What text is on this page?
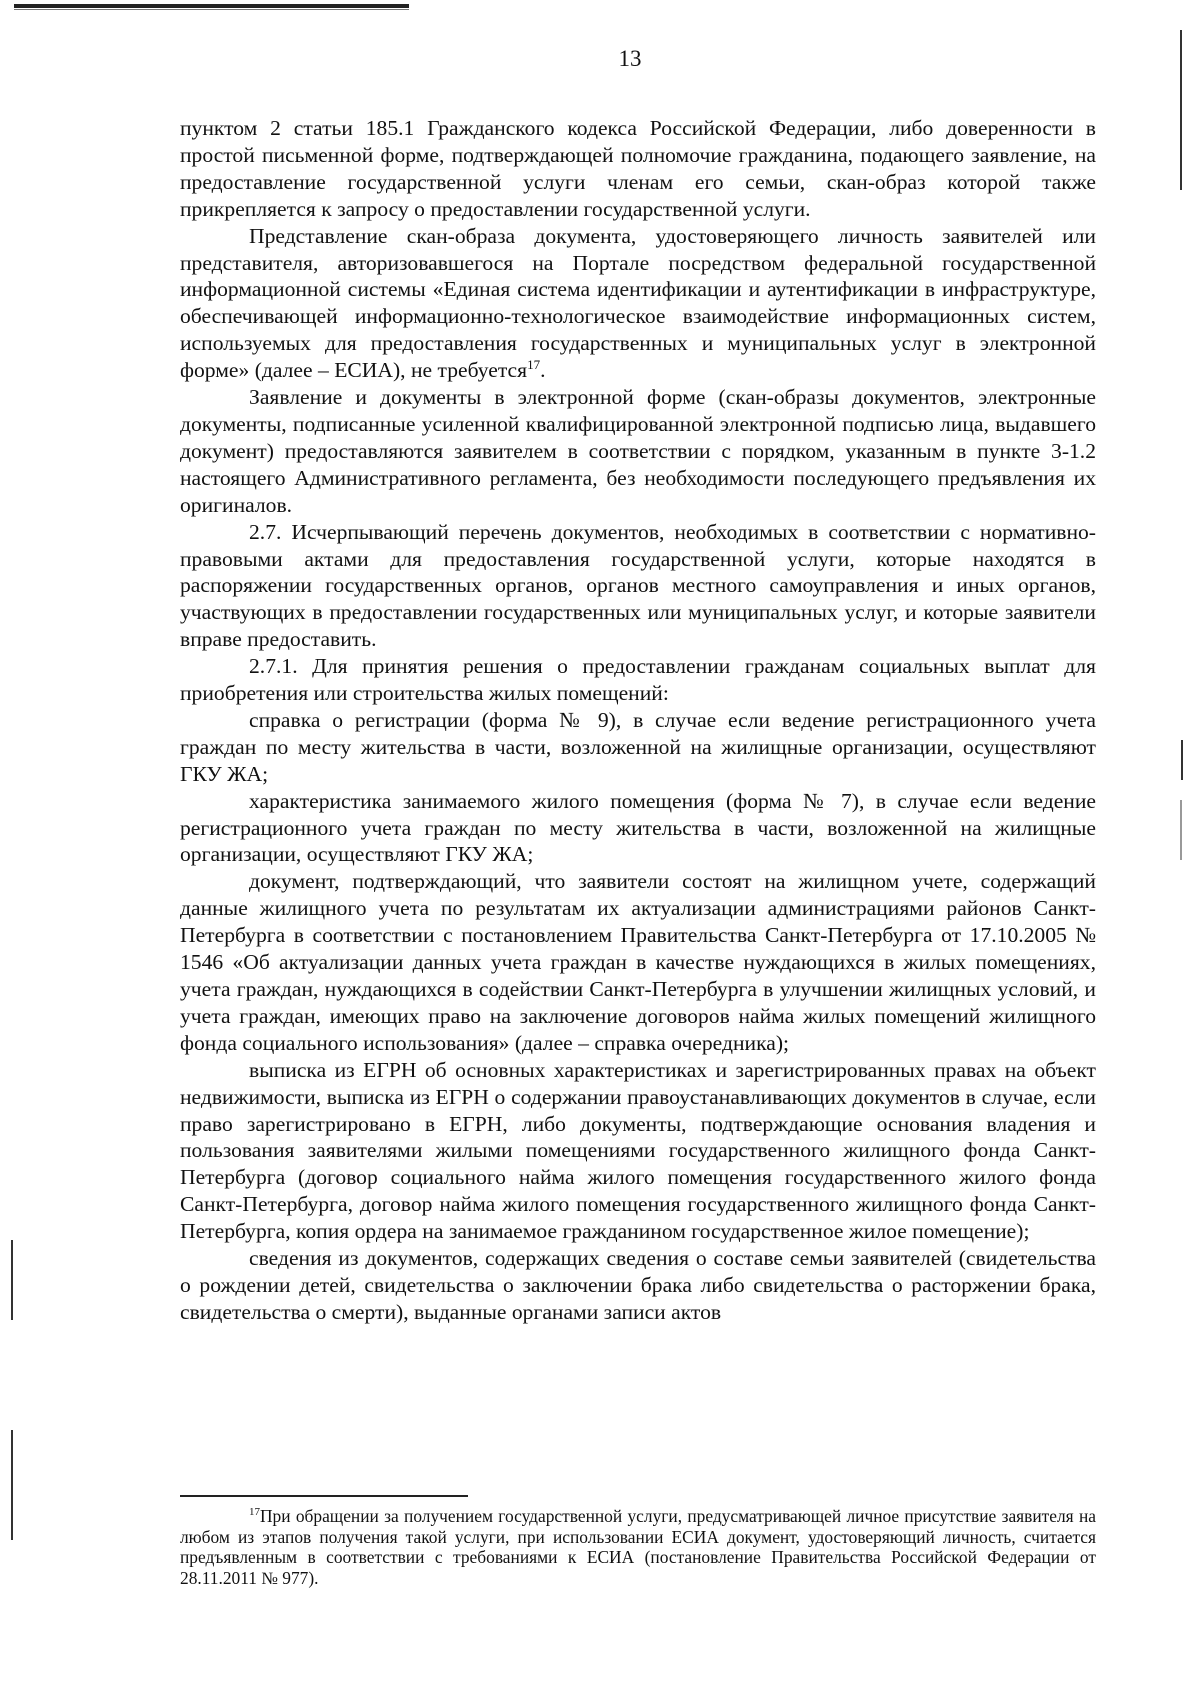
13

пунктом 2 статьи 185.1 Гражданского кодекса Российской Федерации, либо доверенности в простой письменной форме, подтверждающей полномочие гражданина, подающего заявление, на предоставление государственной услуги членам его семьи, скан-образ которой также прикрепляется к запросу о предоставлении государственной услуги.

Представление скан-образа документа, удостоверяющего личность заявителей или представителя, авторизовавшегося на Портале посредством федеральной государственной информационной системы «Единая система идентификации и аутентификации в инфраструктуре, обеспечивающей информационно-технологическое взаимодействие информационных систем, используемых для предоставления государственных и муниципальных услуг в электронной форме» (далее – ЕСИА), не требуется$^{17}$.

Заявление и документы в электронной форме (скан-образы документов, электронные документы, подписанные усиленной квалифицированной электронной подписью лица, выдавшего документ) предоставляются заявителем в соответствии с порядком, указанным в пункте 3-1.2 настоящего Административного регламента, без необходимости последующего предъявления их оригиналов.

2.7. Исчерпывающий перечень документов, необходимых в соответствии с нормативно-правовыми актами для предоставления государственной услуги, которые находятся в распоряжении государственных органов, органов местного самоуправления и иных органов, участвующих в предоставлении государственных или муниципальных услуг, и которые заявители вправе предоставить.

2.7.1. Для принятия решения о предоставлении гражданам социальных выплат для приобретения или строительства жилых помещений:

справка о регистрации (форма № 9), в случае если ведение регистрационного учета граждан по месту жительства в части, возложенной на жилищные организации, осуществляют ГКУ ЖА;

характеристика занимаемого жилого помещения (форма № 7), в случае если ведение регистрационного учета граждан по месту жительства в части, возложенной на жилищные организации, осуществляют ГКУ ЖА;

документ, подтверждающий, что заявители состоят на жилищном учете, содержащий данные жилищного учета по результатам их актуализации администрациями районов Санкт-Петербурга в соответствии с постановлением Правительства Санкт-Петербурга от 17.10.2005 № 1546 «Об актуализации данных учета граждан в качестве нуждающихся в жилых помещениях, учета граждан, нуждающихся в содействии Санкт-Петербурга в улучшении жилищных условий, и учета граждан, имеющих право на заключение договоров найма жилых помещений жилищного фонда социального использования» (далее – справка очередника);

выписка из ЕГРН об основных характеристиках и зарегистрированных правах на объект недвижимости, выписка из ЕГРН о содержании правоустанавливающих документов в случае, если право зарегистрировано в ЕГРН, либо документы, подтверждающие основания владения и пользования заявителями жилыми помещениями государственного жилищного фонда Санкт-Петербурга (договор социального найма жилого помещения государственного жилого фонда Санкт-Петербурга, договор найма жилого помещения государственного жилищного фонда Санкт-Петербурга, копия ордера на занимаемое гражданином государственное жилое помещение);

сведения из документов, содержащих сведения о составе семьи заявителей (свидетельства о рождении детей, свидетельства о заключении брака либо свидетельства о расторжении брака, свидетельства о смерти), выданные органами записи актов

$^{17}$При обращении за получением государственной услуги, предусматривающей личное присутствие заявителя на любом из этапов получения такой услуги, при использовании ЕСИА документ, удостоверяющий личность, считается предъявленным в соответствии с требованиями к ЕСИА (постановление Правительства Российской Федерации от 28.11.2011 № 977).
